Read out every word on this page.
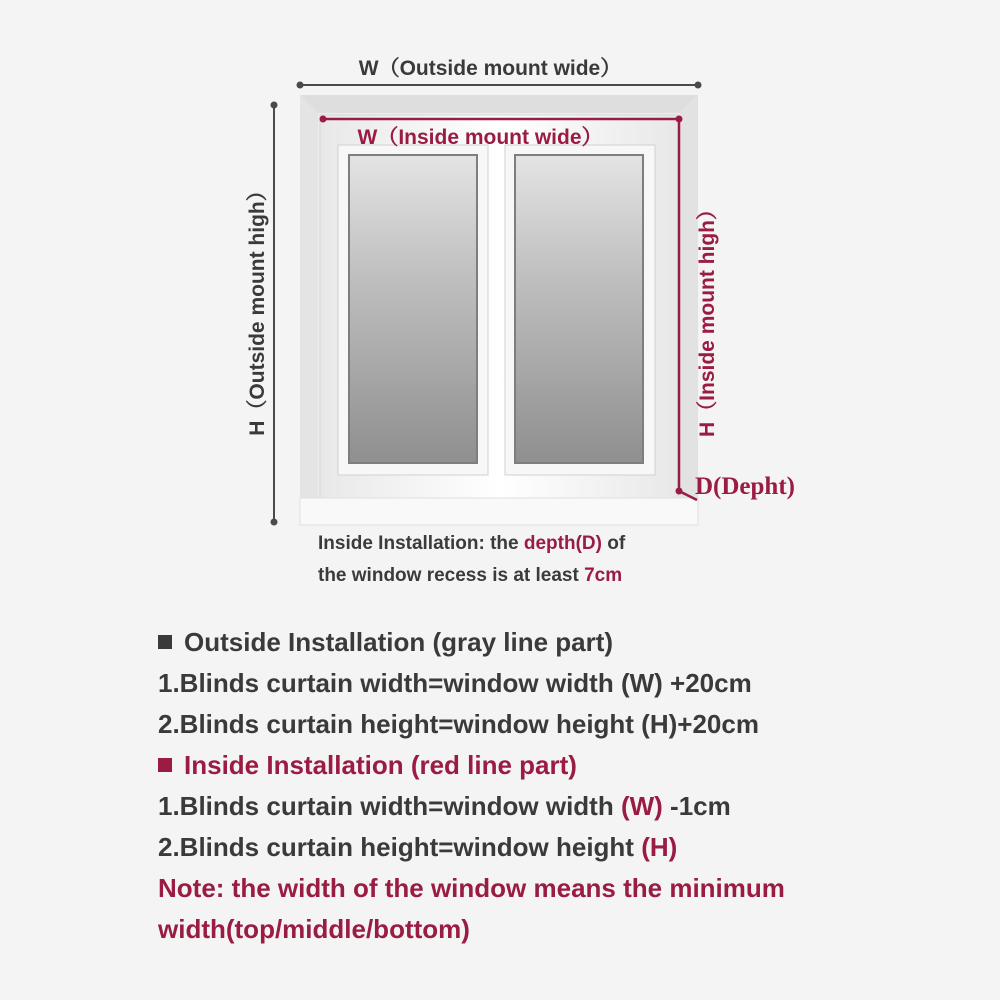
W（Outside mount wide）
H（Outside mount high）
W（Inside mount wide）
H（Inside mount high）
D(Depht)
Inside Installation: the depth(D) of
the window recess is at least 7cm
Outside Installation (gray line part)
1.Blinds curtain width=window width (W) +20cm
2.Blinds curtain height=window height (H)+20cm
Inside Installation (red line part)
1.Blinds curtain width=window width (W) -1cm
2.Blinds curtain height=window height (H)
Note: the width of the window means the minimum
width(top/middle/bottom)
